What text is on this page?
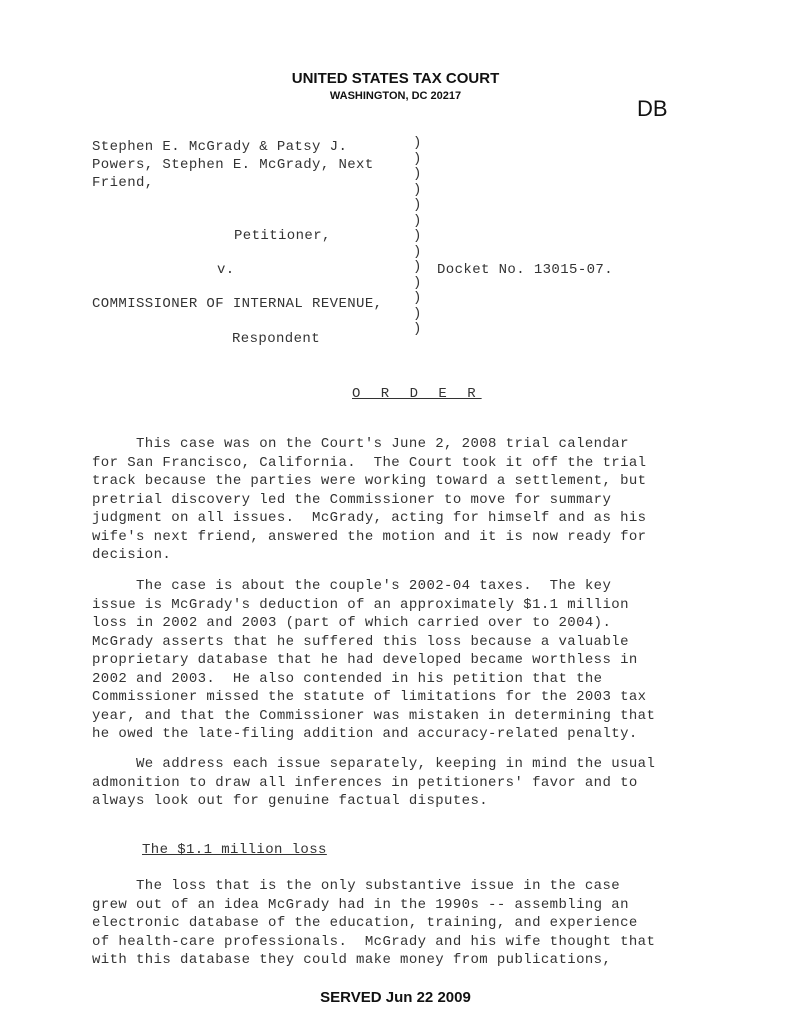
UNITED STATES TAX COURT
WASHINGTON, DC 20217	DB
Stephen E. McGrady & Patsy J.
Powers, Stephen E. McGrady, Next
Friend,
Petitioner,
v.
COMMISSIONER OF INTERNAL REVENUE,
Respondent
Docket No. 13015-07.
)
)
)
)
)
)
)
)
)
)
)
)
)
O R D E R
This case was on the Court's June 2, 2008 trial calendar
for San Francisco, California.  The Court took it off the trial
track because the parties were working toward a settlement, but
pretrial discovery led the Commissioner to move for summary
judgment on all issues.  McGrady, acting for himself and as his
wife's next friend, answered the motion and it is now ready for
decision.
The case is about the couple's 2002-04 taxes.  The key
issue is McGrady's deduction of an approximately $1.1 million
loss in 2002 and 2003 (part of which carried over to 2004).
McGrady asserts that he suffered this loss because a valuable
proprietary database that he had developed became worthless in
2002 and 2003.  He also contended in his petition that the
Commissioner missed the statute of limitations for the 2003 tax
year, and that the Commissioner was mistaken in determining that
he owed the late-filing addition and accuracy-related penalty.
We address each issue separately, keeping in mind the usual
admonition to draw all inferences in petitioners' favor and to
always look out for genuine factual disputes.
The $1.1 million loss
The loss that is the only substantive issue in the case
grew out of an idea McGrady had in the 1990s -- assembling an
electronic database of the education, training, and experience
of health-care professionals.  McGrady and his wife thought that
with this database they could make money from publications,
SERVED Jun 22 2009
